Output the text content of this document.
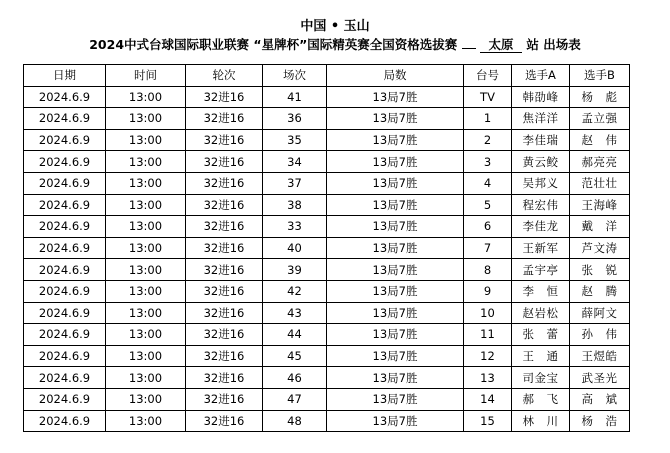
中国 • 玉山
2024中式台球国际职业联赛 “星牌杯”国际精英赛全国资格选拔赛 太原 站 出场表
日期	时间	轮次	场次	局数	台号	选手A	选手B
2024.6.9	13:00	32进16	41	13局7胜	TV	韩劭峰	杨　彪
2024.6.9	13:00	32进16	36	13局7胜	1	焦洋洋	孟立强
2024.6.9	13:00	32进16	35	13局7胜	2	李佳瑞	赵　伟
2024.6.9	13:00	32进16	34	13局7胜	3	黄云鲛	郝亮亮
2024.6.9	13:00	32进16	37	13局7胜	4	吴邦义	范壮壮
2024.6.9	13:00	32进16	38	13局7胜	5	程宏伟	王海峰
2024.6.9	13:00	32进16	33	13局7胜	6	李佳龙	戴　洋
2024.6.9	13:00	32进16	40	13局7胜	7	王新军	芦文涛
2024.6.9	13:00	32进16	39	13局7胜	8	孟宇亭	张　锐
2024.6.9	13:00	32进16	42	13局7胜	9	李　恒	赵　腾
2024.6.9	13:00	32进16	43	13局7胜	10	赵岩松	薛阿文
2024.6.9	13:00	32进16	44	13局7胜	11	张　蕾	孙　伟
2024.6.9	13:00	32进16	45	13局7胜	12	王　通	王煜皓
2024.6.9	13:00	32进16	46	13局7胜	13	司金宝	武圣光
2024.6.9	13:00	32进16	47	13局7胜	14	郝　飞	高　斌
2024.6.9	13:00	32进16	48	13局7胜	15	林　川	杨　浩
